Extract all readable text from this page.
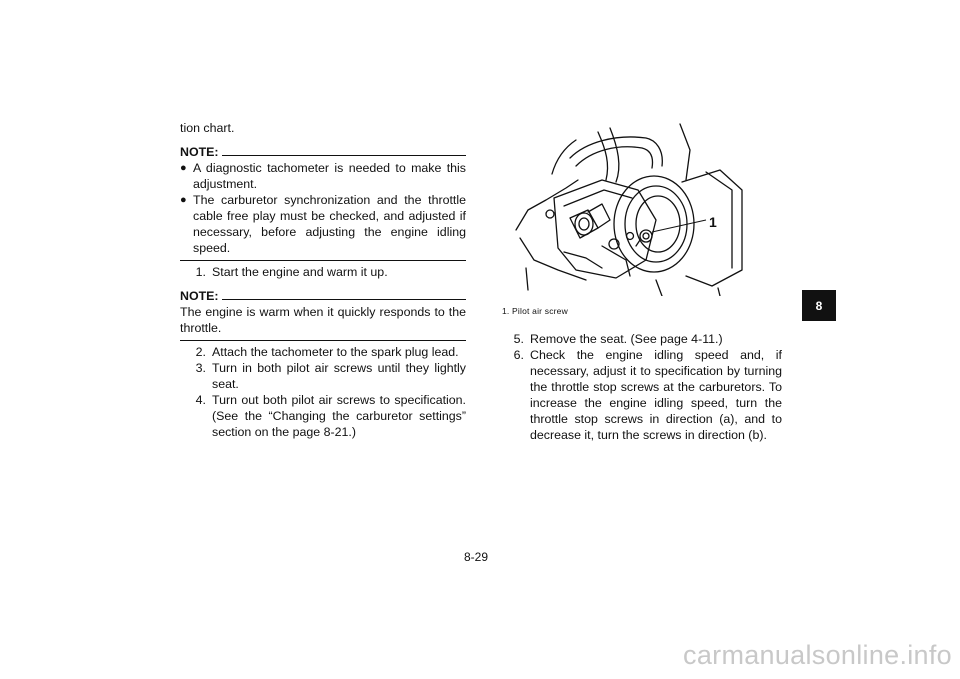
tion chart.

NOTE:
● A diagnostic tachometer is needed to make this adjustment.
● The carburetor synchronization and the throttle cable free play must be checked, and adjusted if necessary, before adjusting the engine idling speed.
1. Start the engine and warm it up.
NOTE:

The engine is warm when it quickly responds to the throttle.

2. Attach the tachometer to the spark plug lead.
3. Turn in both pilot air screws until they lightly seat.
4. Turn out both pilot air screws to specification. (See the “Changing the carburetor settings” section on the page 8-21.)
1

1. Pilot air screw

5. Remove the seat. (See page 4-11.)
6. Check the engine idling speed and, if necessary, adjust it to specification by turning the throttle stop screws at the carburetors. To increase the engine idling speed, turn the throttle stop screws in direction (a), and to decrease it, turn the screws in direction (b).
8
8-29
carmanualsonline.info
